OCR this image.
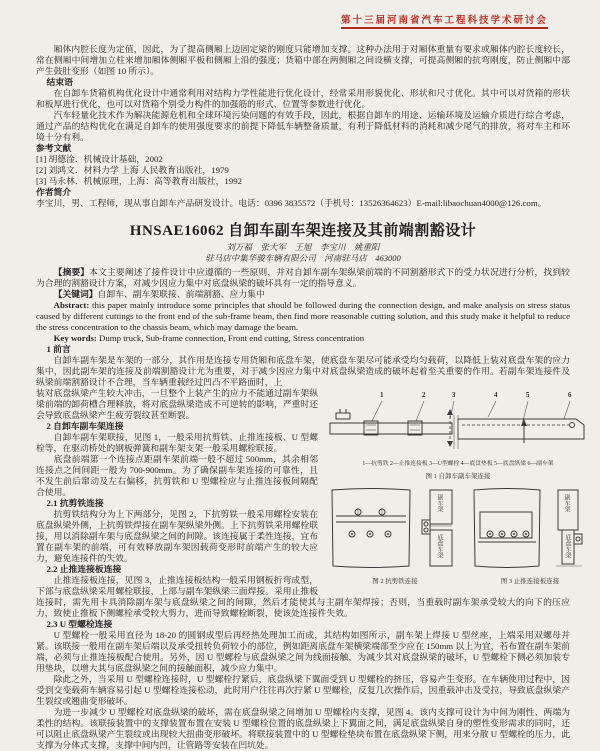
第十三届河南省汽车工程科技学术研讨会

厢体内腔长度为定值，因此，为了提高侧厢上边固定梁的刚度只能增加支撑。这种办法用于对厢体重量有要求或厢体内腔长度较长，常在侧厢中间增加立柱来增加厢体侧厢平板和侧厢上沿的强度；货箱中部在两侧厢之间设横支撑，可提高侧厢的抗弯刚度，防止侧厢中部产生鼓肚变形（如图 10 所示）。

结束语

在自卸车货箱机构优化设计中通常利用对结构力学性能进行优化设计，经常采用形貌优化、形状和尺寸优化。其中可以对货箱的形状和板厚进行优化，也可以对货箱个别受力构件的加强筋的形式、位置等参数进行优化。

汽车轻量化技术作为解决能源危机和全球环境污染问题的有效手段，因此，根据自卸车的用途、运输环境及运输介质进行综合考虑，通过产品的结构优化在满足自卸车的使用强度要求的前提下降低车辆整备质量，有利于降低材料的消耗和减少尾气的排放，将对车主和环境十分有利。

参考文献
[1] 胡德淦．机械设计基础，2002
[2] 刘鸿文．材料力学 上海 人民教育出版社，1979
[3] 马永林．机械原理，上海：高等教育出版社，1992
作者简介
李宝川，男、工程师，现从事自卸车产品研发设计。电话：0396 3835572（手机号：13526364623）E-mail:libaochuan4000@126.com。
HNSAE16062 自卸车副车架连接及其前端割豁设计
刘万福　张大军　王旭　李宝川　姚重阳
驻马店中集华骏车辆有限公司　河南驻马店　463000

【摘要】本文主要阐述了接件设计中应遵循的一些原则，并对自卸车副车架纵梁前端的不同割豁形式下的受力状况进行分析，找到较为合理的割豁设计方案，对减少因应力集中对底盘纵梁的破坏具有一定的指导意义。

【关键词】自卸车、副车架联接、前端割豁、应力集中

Abstract: this paper mainly introduce some principles that should be followed during the connection design, and make analysis on stress status caused by different cuttings to the front end of the sub-frame beam, then find more reasonable cutting solution, and this study make it helpful to reduce the stress concentration to the chassis beam, which may damage the beam.

Key words: Dump truck, Sub-frame connection, Front end cutting, Stress concentration

1 前言

自卸车副车架是车架的一部分，其作用是连接专用货厢和底盘车架，使底盘车架尽可能承受均匀载荷，以降低上装对底盘车架的应力集中，因此副车架的连接及前端割豁设计尤为重要，对于减少因应力集中对底盘纵梁造成的破坏起着至关重要的作用。若副车架连接件及纵梁前端割豁设计不合理，当车辆重载经过凹凸不平路面时，上

1	2	3	4	5	6
1—抗剪铁 2—止推连接板 3—U型螺栓 4—底盘垫板 5—底盘纵梁 6—副车架
图 1 自卸车副车架连接
副车架
底盘车架
图 2 抗剪铁连接
副车架
底盘车架
图 3 止推连接板连接

装对底盘纵梁产生较大冲击，一旦整个上装产生的应力不能通过副车架纵梁前端的卸荷槽合理释放，将对底盘纵梁造成不可逆转的影响，严重时还会导致底盘纵梁产生疲劳裂纹甚至断裂。

2 自卸车副车架连接

自卸车副车架联接，见图 1，一般采用抗剪铁、止推连接板、U 型螺栓等，在驱动桥处的钢板弹簧和副车架支架一般采用螺栓联接。

底盘前端第一个连接点距副车架前端一般不超过 500mm，其余相邻连接点之间间距一般为 700-900mm。为了确保副车架连接的可靠性，且不发生前后窜动及左右偏移，抗剪铁和 U 型螺栓应与止推连接板间隔配合使用。

2.1 抗剪铁连接

抗剪铁结构分为上下两部分，见图 2，下抗剪铁一般采用螺栓安装在底盘纵梁外侧，上抗剪铁焊接在副车架纵梁外侧。上下抗剪铁采用螺栓联接，用以消除副车架与底盘纵梁之间的间隙。该连接属于柔性连接，宜布置在副车架的前端，可有效释放副车架因载荷变形时前端产生的较大应力，避免连接件的失效。

2.2 止推连接板连接

止推连接板连接，见图 3，止推连接板结构一般采用钢板折弯成型，下部与底盘纵梁采用螺栓联接，上部与副车架纵梁三面焊接。采用止推板连接时，需先用卡具消除副车架与底盘纵梁之间的间隙，然后才能使其与主副车架焊接；否则，当重载时副车架承受较大的向下的压应力，致使止推板下侧螺栓承受较大剪力，进而导致螺栓断裂，使该处连接件失效。

2.3 U 型螺栓连接

U 型螺栓一般采用直径为 18-20 的圆钢成型后再经热处理加工而成，其结构如图所示，副车架上焊接 U 型丝座，上端采用双螺母并紧。该联接一般用在副车架后端以及承受扭转负荷较小的部位，例如距离底盘车架横梁端部至少应在 150mm 以上为宜，若布置在副车架前端，必须与止推连接板配合使用。另外，因 U 型螺栓与底盘纵梁之间为线面接触，为减少其对底盘纵梁的破坏，U 型螺栓下侧必须加装专用垫块，以增大其与底盘纵梁之间的接触面积，减少应力集中。

除此之外，当采用 U 型螺栓连接时，U 型螺栓拧紧后，底盘纵梁下翼面受到 U 型螺栓的挤压，容易产生变形。在车辆使用过程中，因受到交变载荷车辆容易引起 U 型螺栓连接松动，此时用户往往再次拧紧 U 型螺栓，反复几次操作后，因重载冲击及受拉，导致底盘纵梁产生裂纹或翘曲变形破坏。

为进一步减少 U 型螺栓对底盘纵梁的破坏，需在底盘纵梁之间增加 U 型螺栓内支撑，见图 4。该内支撑可设计为中间为刚性、两端为柔性的结构。该联接装置中的支撑装置布置在安装 U 型螺栓位置的底盘纵梁上下翼面之间，满足底盘纵梁自身的塑性变形需求的同时，还可以阻止底盘纵梁产生裂纹或出现较大扭曲变形破坏。将联接装置中的 U 型螺栓垫块布置在底盘纵梁下侧，用来分散 U 型螺栓的压力，此支撑为分体式支撑，支撑中间内凹，让管路等安装在凹坑处。
